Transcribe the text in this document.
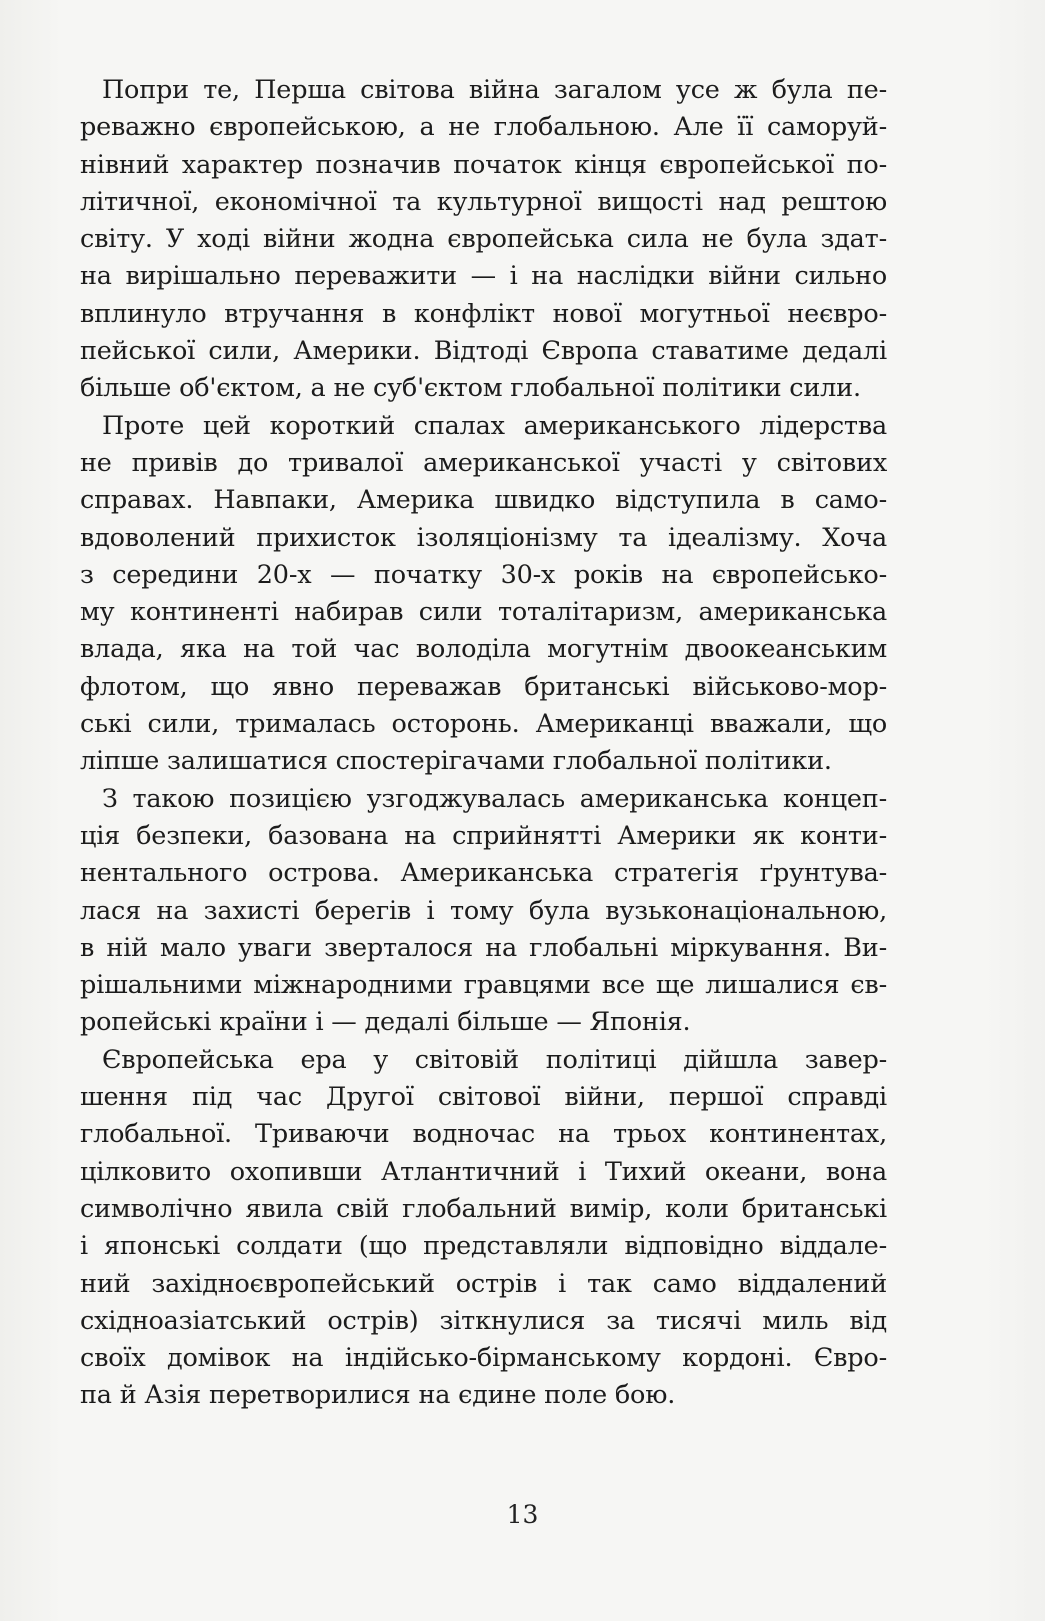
Попри те, Перша світова війна загалом усе ж була пе-
реважно європейською, а не глобальною. Але її саморуй-
нівний характер позначив початок кінця європейської по-
літичної, економічної та культурної вищості над рештою
світу. У ході війни жодна європейська сила не була здат-
на вирішально переважити — і на наслідки війни сильно
вплинуло втручання в конфлікт нової могутньої неєвро-
пейської сили, Америки. Відтоді Європа ставатиме дедалі
більше об'єктом, а не суб'єктом глобальної політики сили.
Проте цей короткий спалах американського лідерства
не привів до тривалої американської участі у світових
справах. Навпаки, Америка швидко відступила в само-
вдоволений прихисток ізоляціонізму та ідеалізму. Хоча
з середини 20-х — початку 30-х років на європейсько-
му континенті набирав сили тоталітаризм, американська
влада, яка на той час володіла могутнім двоокеанським
флотом, що явно переважав британські військово-мор-
ські сили, трималась осторонь. Американці вважали, що
ліпше залишатися спостерігачами глобальної політики.
З такою позицією узгоджувалась американська концеп-
ція безпеки, базована на сприйнятті Америки як конти-
нентального острова. Американська стратегія ґрунтува-
лася на захисті берегів і тому була вузьконаціональною,
в ній мало уваги зверталося на глобальні міркування. Ви-
рішальними міжнародними гравцями все ще лишалися єв-
ропейські країни і — дедалі більше — Японія.
Європейська ера у світовій політиці дійшла завер-
шення під час Другої світової війни, першої справді
глобальної. Триваючи водночас на трьох континентах,
цілковито охопивши Атлантичний і Тихий океани, вона
символічно явила свій глобальний вимір, коли британські
і японські солдати (що представляли відповідно віддале-
ний західноєвропейський острів і так само віддалений
східноазіатський острів) зіткнулися за тисячі миль від
своїх домівок на індійсько-бірманському кордоні. Євро-
па й Азія перетворилися на єдине поле бою.
13
